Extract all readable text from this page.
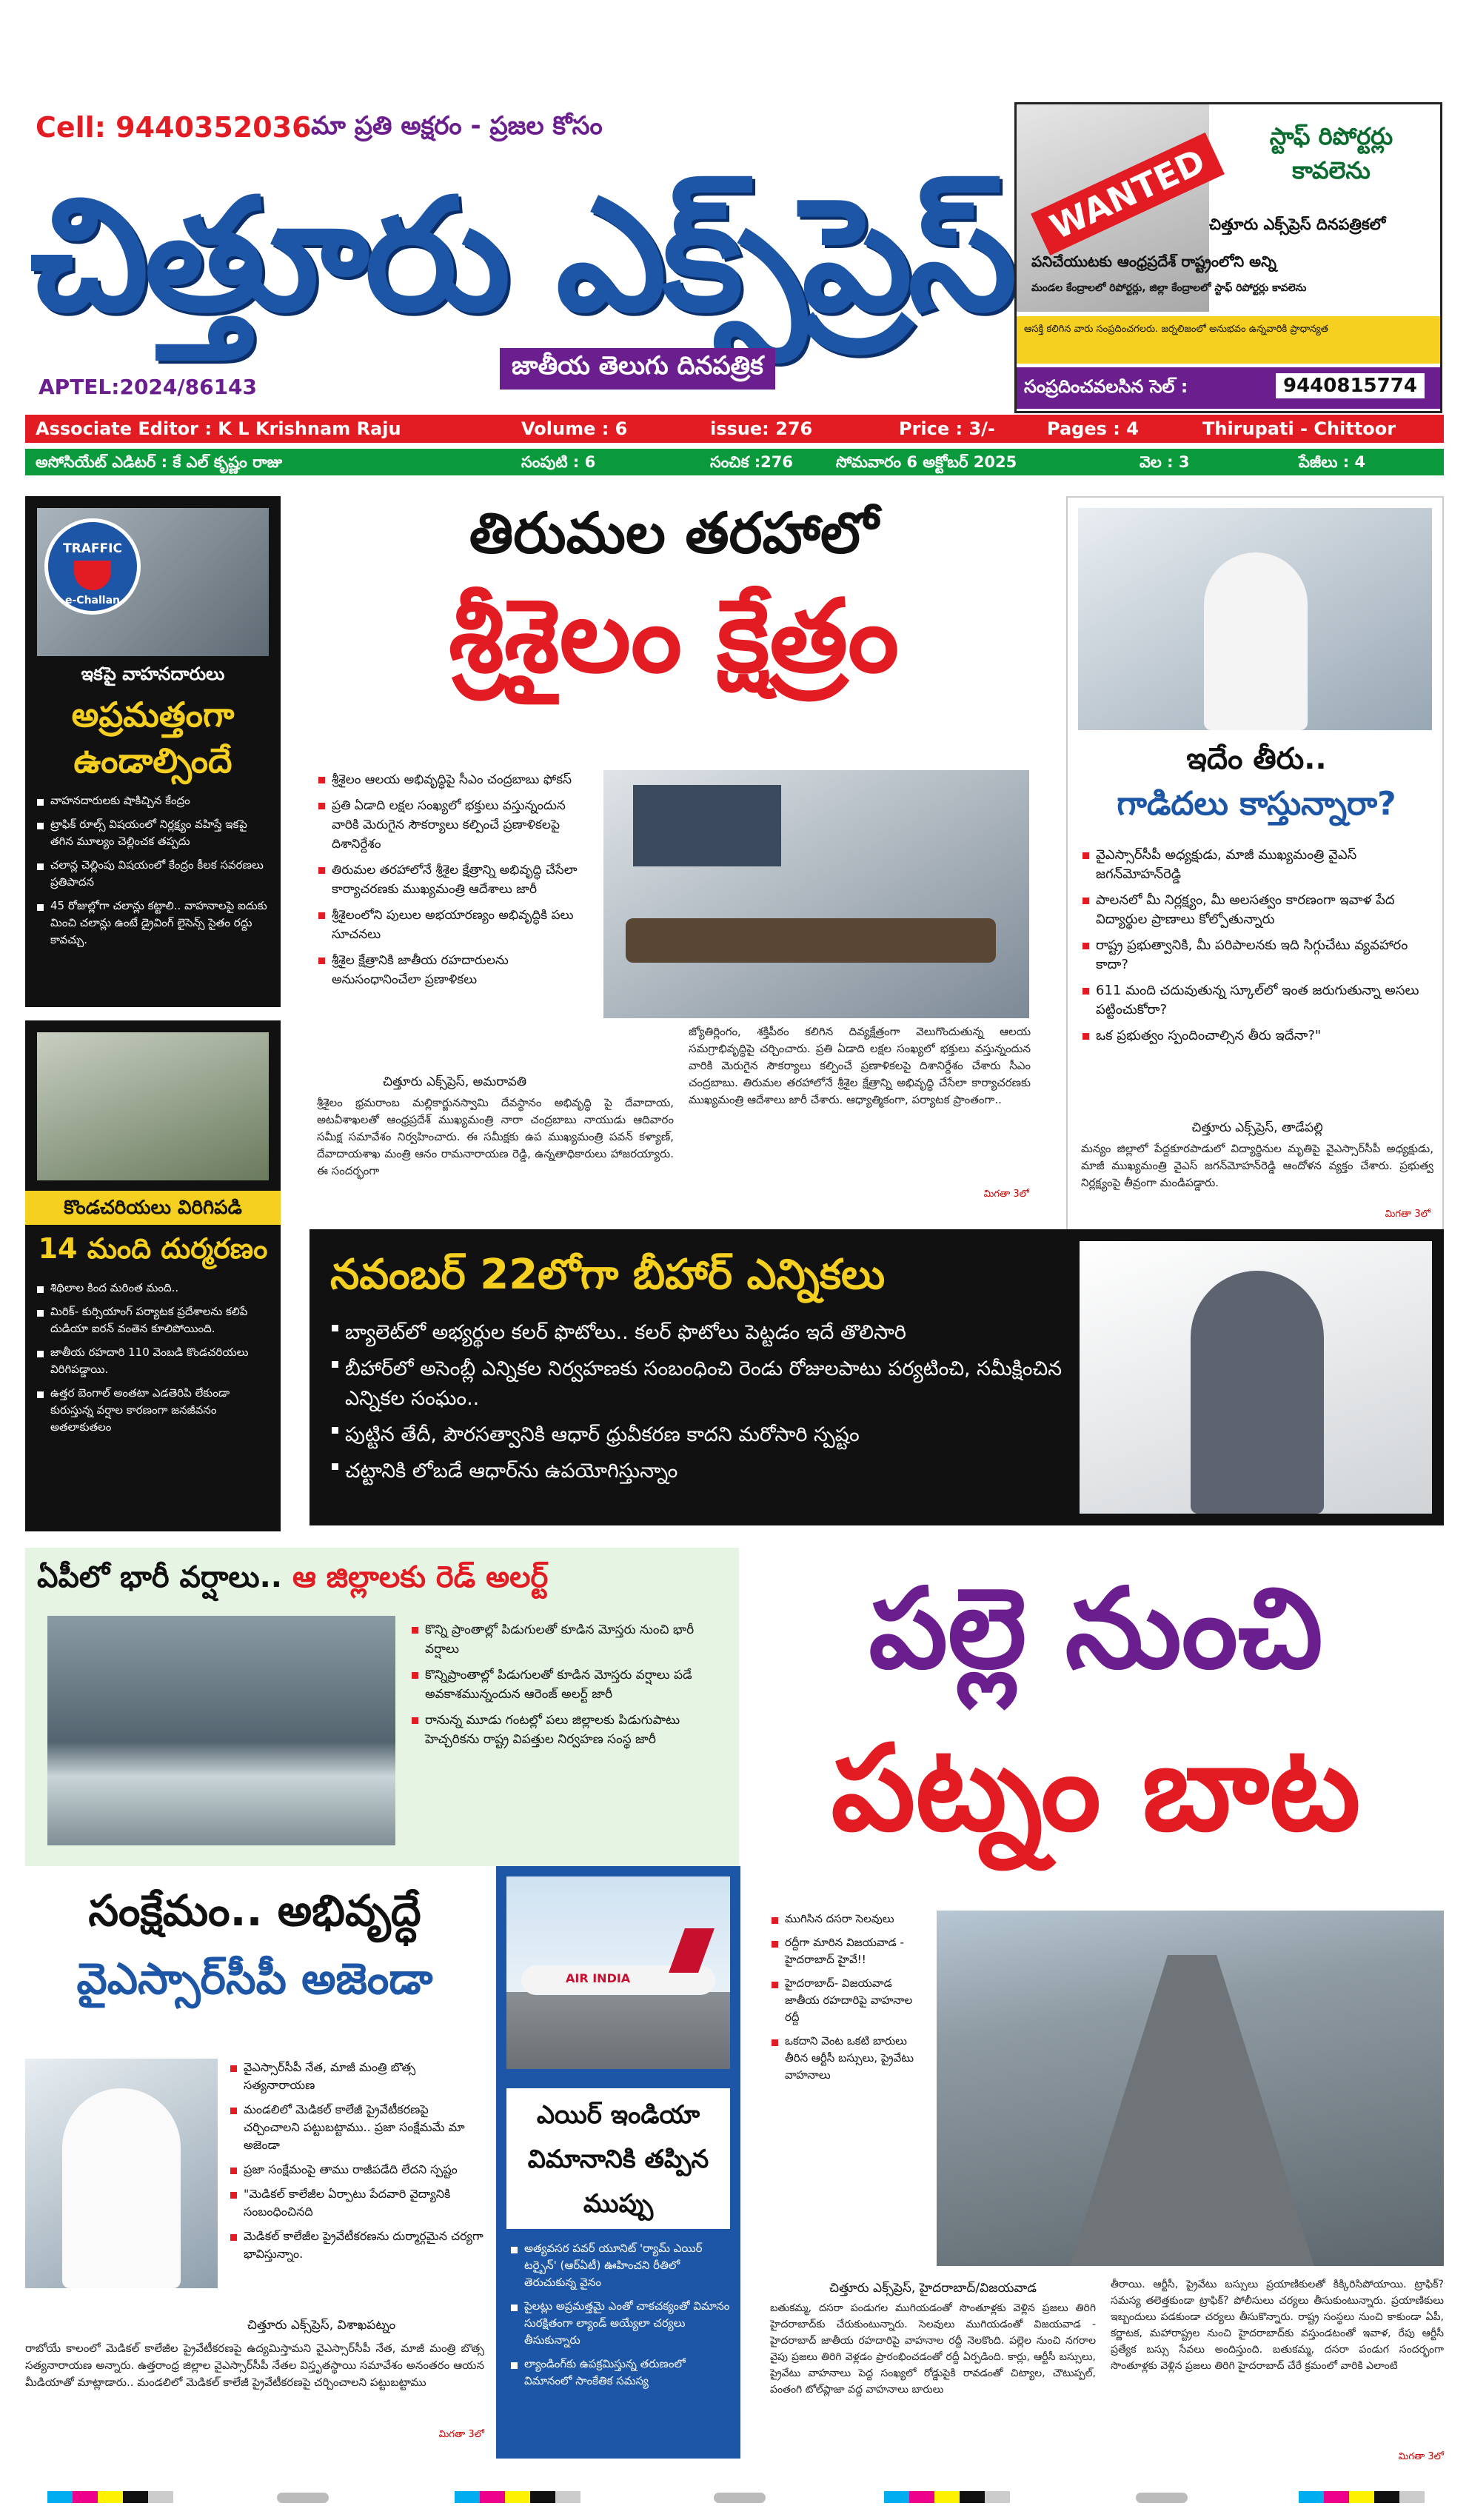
Cell: 9440352036 మా ప్రతి అక్షరం - ప్రజల కోసం
చిత్తూరు ఎక్స్‌ప్రెస్
జాతీయ తెలుగు దినపత్రిక
APTEL:2024/86143
WANTED
స్టాఫ్ రిపోర్టర్లు కావలెను
చిత్తూరు ఎక్స్‌ప్రెస్ దినపత్రికలో
పనిచేయుటకు ఆంధ్రప్రదేశ్ రాష్ట్రంలోని అన్ని
మండల కేంద్రాలలో రిపోర్టర్లు, జిల్లా కేంద్రాలలో స్టాఫ్ రిపోర్టర్లు కావలెను
ఆసక్తి కలిగిన వారు సంప్రదించగలరు. జర్నలిజంలో అనుభవం ఉన్నవారికి ప్రాధాన్యత
సంప్రదించవలసిన సెల్ :	9440815774
Associate Editor : K L Krishnam Raju	Volume : 6	issue: 276	Price : 3/-	Pages : 4	Thirupati - Chittoor
అసోసియేట్ ఎడిటర్ : కే ఎల్ కృష్ణం రాజు	సంపుటి : 6	సంచిక :276	సోమవారం 6 అక్టోబర్ 2025	వెల : 3	పేజీలు : 4
TRAFFIC
e-Challan
ఇకపై వాహనదారులు
అప్రమత్తంగా ఉండాల్సిందే
వాహనదారులకు షాకిచ్చిన కేంద్రం
ట్రాఫిక్ రూల్స్ విషయంలో నిర్లక్ష్యం వహిస్తే ఇకపై తగిన మూల్యం చెల్లించక తప్పదు
చలాన్ల చెల్లింపు విషయంలో కేంద్రం కీలక సవరణలు ప్రతిపాదన
45 రోజుల్లోగా చలాన్లు కట్టాలి.. వాహనాలపై ఐదుకు మించి చలాన్లు ఉంటే డ్రైవింగ్ లైసెన్స్ సైతం రద్దు కావచ్చు.
కొండచరియలు విరిగిపడి
14 మంది దుర్మరణం
శిథిలాల కింద మరింత మంది..
మిరిక్- కుర్సియాంగ్ పర్యాటక ప్రదేశాలను కలిపే దుడియా ఐరన్ వంతెన కూలిపోయింది.
జాతీయ రహదారి 110 వెంబడి కొండచరియలు విరిగిపడ్డాయి.
ఉత్తర బెంగాల్ అంతటా ఎడతెరిపి లేకుండా కురుస్తున్న వర్షాల కారణంగా జనజీవనం అతలాకుతలం
తిరుమల తరహాలో
శ్రీశైలం క్షేత్రం
శ్రీశైలం ఆలయ అభివృద్ధిపై సీఎం చంద్రబాబు ఫోకస్
ప్రతి ఏడాది లక్షల సంఖ్యలో భక్తులు వస్తున్నందున వారికి మెరుగైన సౌకర్యాలు కల్పించే ప్రణాళికలపై దిశానిర్దేశం
తిరుమల తరహాలోనే శ్రీశైల క్షేత్రాన్ని అభివృద్ధి చేసేలా కార్యాచరణకు ముఖ్యమంత్రి ఆదేశాలు జారీ
శ్రీశైలంలోని పులుల అభయారణ్యం అభివృద్ధికి పలు సూచనలు
శ్రీశైల క్షేత్రానికి జాతీయ రహదారులను అనుసంధానించేలా ప్రణాళికలు
చిత్తూరు ఎక్స్‌ప్రెస్, అమరావతి
శ్రీశైలం భ్రమరాంబ మల్లికార్జునస్వామి దేవస్థానం అభివృద్ధి పై దేవాదాయ, అటవీశాఖలతో ఆంధ్రప్రదేశ్ ముఖ్యమంత్రి నారా చంద్రబాబు నాయుడు ఆదివారం సమీక్ష సమావేశం నిర్వహించారు. ఈ సమీక్షకు ఉప ముఖ్యమంత్రి పవన్ కళ్యాణ్, దేవాదాయశాఖ మంత్రి ఆనం రామనారాయణ రెడ్డి, ఉన్నతాధికారులు హాజరయ్యారు. ఈ సందర్భంగా
జ్యోతిర్లింగం, శక్తిపీఠం కలిగిన దివ్యక్షేత్రంగా వెలుగొందుతున్న ఆలయ సమగ్రాభివృద్ధిపై చర్చించారు. ప్రతి ఏడాది లక్షల సంఖ్యలో భక్తులు వస్తున్నందున వారికి మెరుగైన సౌకర్యాలు కల్పించే ప్రణాళికలపై దిశానిర్దేశం చేశారు సీఎం చంద్రబాబు. తిరుమల తరహాలోనే శ్రీశైల క్షేత్రాన్ని అభివృద్ధి చేసేలా కార్యాచరణకు ముఖ్యమంత్రి ఆదేశాలు జారీ చేశారు. ఆధ్యాత్మికంగా, పర్యాటక ప్రాంతంగా..
మిగతా 3లో
ఇదేం తీరు..
గాడిదలు కాస్తున్నారా?
వైఎస్సార్‌సీపీ అధ్యక్షుడు, మాజీ ముఖ్యమంత్రి వైఎస్ జగన్‌మోహన్‌రెడ్డి
పాలనలో మీ నిర్లక్ష్యం, మీ అలసత్వం కారణంగా ఇవాళ పేద విద్యార్థుల ప్రాణాలు కోల్పోతున్నారు
రాష్ట్ర ప్రభుత్వానికి, మీ పరిపాలనకు ఇది సిగ్గుచేటు వ్యవహారం కాదా?
611 మంది చదువుతున్న స్కూల్‌లో ఇంత జరుగుతున్నా అసలు పట్టించుకోరా?
ఒక ప్రభుత్వం స్పందించాల్సిన తీరు ఇదేనా?"
చిత్తూరు ఎక్స్‌ప్రెస్, తాడేపల్లి
మన్యం జిల్లాలో పేద్దకూరపాడులో విద్యార్థినుల మృతిపై వైఎస్సార్‌సీపీ అధ్యక్షుడు, మాజీ ముఖ్యమంత్రి వైఎస్ జగన్‌మోహన్‌రెడ్డి ఆందోళన వ్యక్తం చేశారు. ప్రభుత్వ నిర్లక్ష్యంపై తీవ్రంగా మండిపడ్డారు.
మిగతా 3లో
నవంబర్ 22లోగా బీహార్ ఎన్నికలు
బ్యాలెట్‌లో అభ్యర్థుల కలర్ ఫొటోలు.. కలర్ ఫొటోలు పెట్టడం ఇదే తొలిసారి
బీహార్‌లో అసెంబ్లీ ఎన్నికల నిర్వహణకు సంబంధించి రెండు రోజులపాటు పర్యటించి, సమీక్షించిన ఎన్నికల సంఘం..
పుట్టిన తేదీ, పౌరసత్వానికి ఆధార్ ధ్రువీకరణ కాదని మరోసారి స్పష్టం
చట్టానికి లోబడే ఆధార్‌ను ఉపయోగిస్తున్నాం
ఏపీలో భారీ వర్షాలు.. ఆ జిల్లాలకు రెడ్ అలర్ట్
కొన్ని ప్రాంతాల్లో పిడుగులతో కూడిన మోస్తరు నుంచి భారీ వర్షాలు
కొన్నిప్రాంతాల్లో పిడుగులతో కూడిన మోస్తరు వర్షాలు పడే అవకాశమున్నందున ఆరెంజ్ అలర్ట్ జారీ
రానున్న మూడు గంటల్లో పలు జిల్లాలకు పిడుగుపాటు హెచ్చరికను రాష్ట్ర విపత్తుల నిర్వహణ సంస్థ జారీ
పల్లె నుంచి
పట్నం బాట
సంక్షేమం.. అభివృద్ధే
వైఎస్సార్‌సీపీ అజెండా
వైఎస్సార్‌సీపీ నేత, మాజీ మంత్రి బొత్స సత్యనారాయణ
మండలిలో మెడికల్ కాలేజీ ప్రైవేటీకరణపై చర్చించాలని పట్టుబట్టాము.. ప్రజా సంక్షేమమే మా అజెండా
ప్రజా సంక్షేమంపై తాము రాజీపడేది లేదని స్పష్టం
"మెడికల్ కాలేజీల ఏర్పాటు పేదవారి వైద్యానికి సంబంధించినది
మెడికల్ కాలేజీల ప్రైవేటీకరణను దుర్మార్గమైన చర్యగా భావిస్తున్నాం.
చిత్తూరు ఎక్స్‌ప్రెస్, విశాఖపట్నం
రాబోయే కాలంలో మెడికల్ కాలేజీల ప్రైవేటీకరణపై ఉద్యమిస్తామని వైఎస్సార్‌సీపీ నేత, మాజీ మంత్రి బొత్స సత్యనారాయణ అన్నారు. ఉత్తరాంధ్ర జిల్లాల వైఎస్సార్‌సీపీ నేతల విస్తృతస్థాయి సమావేశం అనంతరం ఆయన మీడియాతో మాట్లాడారు.. మండలిలో మెడికల్ కాలేజీ ప్రైవేటీకరణపై చర్చించాలని పట్టుబట్టాము
మిగతా 3లో
AIR INDIA
ఎయిర్ ఇండియా విమానానికి తప్పిన ముప్పు
అత్యవసర పవర్ యూనిట్ 'ర్యామ్ ఎయిర్ టర్బైన్' (ఆర్ఏటీ) ఊహించని రీతిలో తెరుచుకున్న వైనం
పైలట్లు అప్రమత్తమై ఎంతో చాకచక్యంతో విమానం సురక్షితంగా ల్యాండ్ అయ్యేలా చర్యలు తీసుకున్నారు
ల్యాండింగ్‌కు ఉపక్రమిస్తున్న తరుణంలో విమానంలో సాంకేతిక సమస్య
ముగిసిన దసరా సెలవులు
రద్దీగా మారిన విజయవాడ - హైదరాబాద్ హైవే!!
హైదరాబాద్- విజయవాడ జాతీయ రహదారిపై వాహనాల రద్దీ
ఒకదాని వెంట ఒకటి బారులు తీరిన ఆర్టీసీ బస్సులు, ప్రైవేటు వాహనాలు
చిత్తూరు ఎక్స్‌ప్రెస్, హైదరాబాద్/విజయవాడ
బతుకమ్మ, దసరా పండుగల ముగియడంతో సొంతూళ్లకు వెళ్లిన ప్రజలు తిరిగి హైదరాబాద్‌కు చేరుకుంటున్నారు. సెలవులు ముగియడంతో విజయవాడ - హైదరాబాద్ జాతీయ రహదారిపై వాహనాల రద్దీ నెలకొంది. పల్లెల నుంచి నగరాల వైపు ప్రజలు తిరిగి వెళ్లడం ప్రారంభించడంతో రద్దీ ఏర్పడింది. కార్లు, ఆర్టీసీ బస్సులు, ప్రైవేటు వాహనాలు పెద్ద సంఖ్యలో రోడ్డుపైకి రావడంతో చిట్యాల, చౌటుప్పల్, పంతంగి టోల్‌ప్లాజా వద్ద వాహనాలు బారులు
తీరాయి. ఆర్టీసీ, ప్రైవేటు బస్సులు ప్రయాణికులతో కిక్కిరిసిపోయాయి. ట్రాఫిక్? సమస్య తలెత్తకుండా ట్రాఫిక్? పోలీసులు చర్యలు తీసుకుంటున్నారు. ప్రయాణికులు ఇబ్బందులు పడకుండా చర్యలు తీసుకొన్నారు. రాష్ట్ర సంస్థలు నుంచి కాకుండా ఏపీ, కర్ణాటక, మహారాష్ట్రల నుంచి హైదరాబాద్‌కు వస్తుండటంతో ఇవాళ, రేపు ఆర్టీసీ ప్రత్యేక బస్సు సేవలు అందిస్తుంది. బతుకమ్మ, దసరా పండుగ సందర్భంగా సొంతూళ్లకు వెళ్లిన ప్రజలు తిరిగి హైదరాబాద్ చేరే క్రమంలో వారికి ఎలాంటి
మిగతా 3లో
